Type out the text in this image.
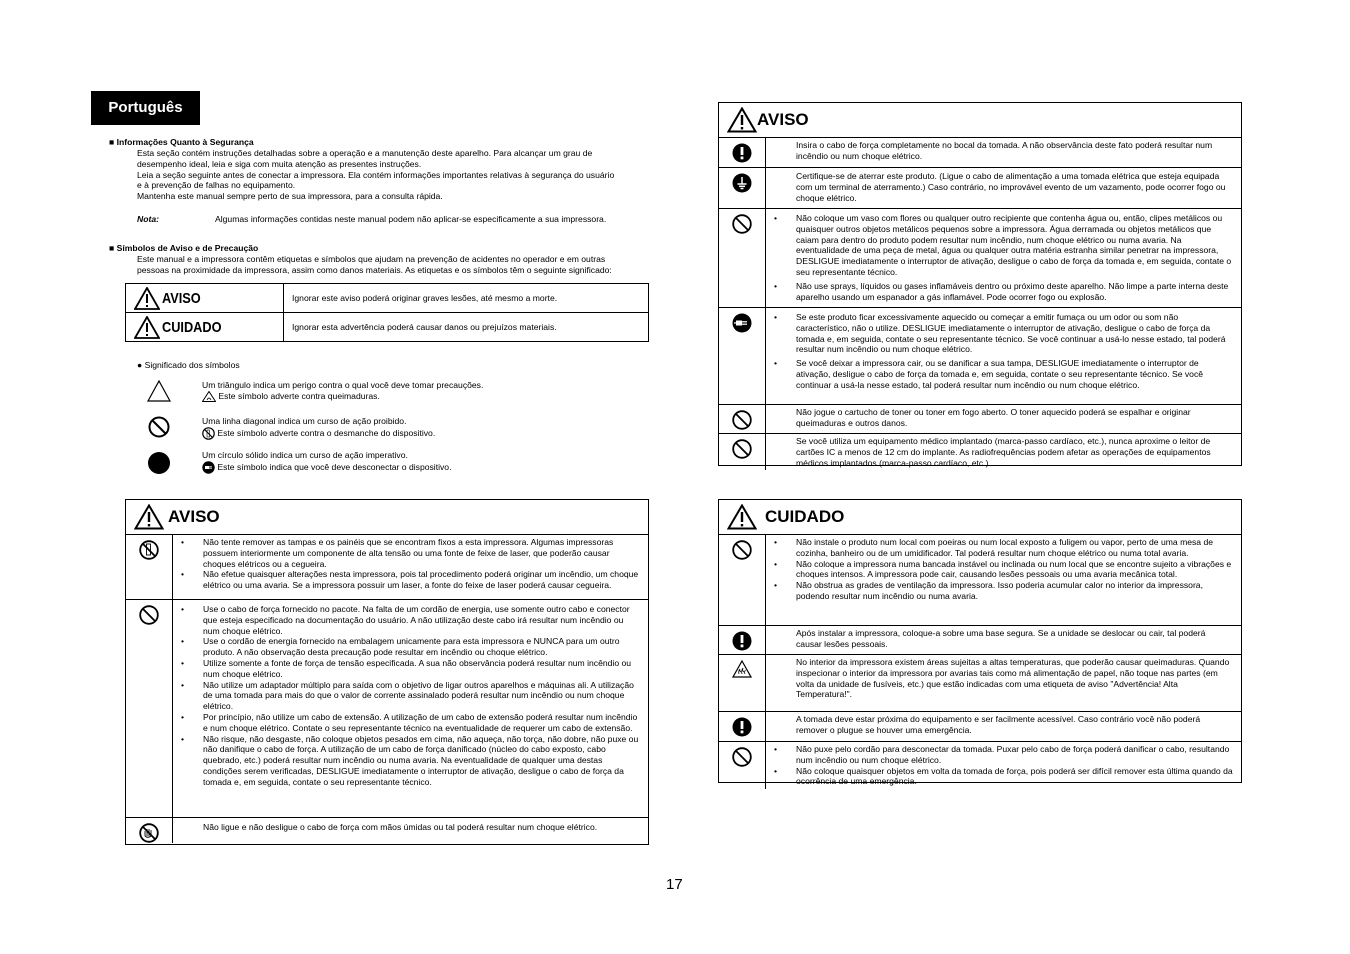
Português
■ Informações Quanto à Segurança
Esta seção contém instruções detalhadas sobre a operação e a manutenção deste aparelho. Para alcançar um grau de
desempenho ideal, leia e siga com muita atenção as presentes instruções.
Leia a seção seguinte antes de conectar a impressora. Ela contém informações importantes relativas à segurança do usuário
e à prevenção de falhas no equipamento.
Mantenha este manual sempre perto de sua impressora, para a consulta rápida.
Nota:	Algumas informações contidas neste manual podem não aplicar-se especificamente a sua impressora.
■ Símbolos de Aviso e de Precaução
Este manual e a impressora contêm etiquetas e símbolos que ajudam na prevenção de acidentes no operador e em outras
pessoas na proximidade da impressora, assim como danos materiais. As etiquetas e os símbolos têm o seguinte significado:
AVISO	Ignorar este aviso poderá originar graves lesões, até mesmo a morte.
CUIDADO	Ignorar esta advertência poderá causar danos ou prejuízos materiais.
● Significado dos símbolos
Um triângulo indica um perigo contra o qual você deve tomar precauções.
Este símbolo adverte contra queimaduras.
Uma linha diagonal indica um curso de ação proibido.
Este símbolo adverte contra o desmanche do dispositivo.
Um círculo sólido indica um curso de ação imperativo.
Este símbolo indica que você deve desconectar o dispositivo.
AVISO
• Não tente remover as tampas e os painéis que se encontram fixos a esta impressora. Algumas impressoras possuem interiormente um componente de alta tensão ou uma fonte de feixe de laser, que poderão causar choques elétricos ou a cegueira.
• Não efetue quaisquer alterações nesta impressora, pois tal procedimento poderá originar um incêndio, um choque elétrico ou uma avaria. Se a impressora possuir um laser, a fonte do feixe de laser poderá causar cegueira.
• Use o cabo de força fornecido no pacote. Na falta de um cordão de energia, use somente outro cabo e conector que esteja especificado na documentação do usuário. A não utilização deste cabo irá resultar num incêndio ou num choque elétrico.
• Use o cordão de energia fornecido na embalagem unicamente para esta impressora e NUNCA para um outro produto. A não observação desta precaução pode resultar em incêndio ou choque elétrico.
• Utilize somente a fonte de força de tensão especificada. A sua não observância poderá resultar num incêndio ou num choque elétrico.
• Não utilize um adaptador múltiplo para saída com o objetivo de ligar outros aparelhos e máquinas ali. A utilização de uma tomada para mais do que o valor de corrente assinalado poderá resultar num incêndio ou num choque elétrico.
• Por princípio, não utilize um cabo de extensão. A utilização de um cabo de extensão poderá resultar num incêndio e num choque elétrico. Contate o seu representante técnico na eventualidade de requerer um cabo de extensão.
• Não risque, não desgaste, não coloque objetos pesados em cima, não aqueça, não torça, não dobre, não puxe ou não danifique o cabo de força. A utilização de um cabo de força danificado (núcleo do cabo exposto, cabo quebrado, etc.) poderá resultar num incêndio ou numa avaria. Na eventualidade de qualquer uma destas condições serem verificadas, DESLIGUE imediatamente o interruptor de ativação, desligue o cabo de força da tomada e, em seguida, contate o seu representante técnico.
Não ligue e não desligue o cabo de força com mãos úmidas ou tal poderá resultar num choque elétrico.
AVISO
Insira o cabo de força completamente no bocal da tomada. A não observância deste fato poderá resultar num incêndio ou num choque elétrico.
Certifique-se de aterrar este produto. (Ligue o cabo de alimentação a uma tomada elétrica que esteja equipada com um terminal de aterramento.) Caso contrário, no improvável evento de um vazamento, pode ocorrer fogo ou choque elétrico.
• Não coloque um vaso com flores ou qualquer outro recipiente que contenha água ou, então, clipes metálicos ou quaisquer outros objetos metálicos pequenos sobre a impressora. Água derramada ou objetos metálicos que caiam para dentro do produto podem resultar num incêndio, num choque elétrico ou numa avaria. Na eventualidade de uma peça de metal, água ou qualquer outra matéria estranha similar penetrar na impressora, DESLIGUE imediatamente o interruptor de ativação, desligue o cabo de força da tomada e, em seguida, contate o seu representante técnico.
• Não use sprays, líquidos ou gases inflamáveis dentro ou próximo deste aparelho. Não limpe a parte interna deste aparelho usando um espanador a gás inflamável. Pode ocorrer fogo ou explosão.
• Se este produto ficar excessivamente aquecido ou começar a emitir fumaça ou um odor ou som não característico, não o utilize. DESLIGUE imediatamente o interruptor de ativação, desligue o cabo de força da tomada e, em seguida, contate o seu representante técnico. Se você continuar a usá-lo nesse estado, tal poderá resultar num incêndio ou num choque elétrico.
• Se você deixar a impressora cair, ou se danificar a sua tampa, DESLIGUE imediatamente o interruptor de ativação, desligue o cabo de força da tomada e, em seguida, contate o seu representante técnico. Se você continuar a usá-la nesse estado, tal poderá resultar num incêndio ou num choque elétrico.
Não jogue o cartucho de toner ou toner em fogo aberto. O toner aquecido poderá se espalhar e originar queimaduras e outros danos.
Se você utiliza um equipamento médico implantado (marca-passo cardíaco, etc.), nunca aproxime o leitor de cartões IC a menos de 12 cm do implante. As radiofrequências podem afetar as operações de equipamentos médicos implantados (marca-passo cardíaco, etc.).
CUIDADO
• Não instale o produto num local com poeiras ou num local exposto a fuligem ou vapor, perto de uma mesa de cozinha, banheiro ou de um umidificador. Tal poderá resultar num choque elétrico ou numa total avaria.
• Não coloque a impressora numa bancada instável ou inclinada ou num local que se encontre sujeito a vibrações e choques intensos. A impressora pode cair, causando lesões pessoais ou uma avaria mecânica total.
• Não obstrua as grades de ventilação da impressora. Isso poderia acumular calor no interior da impressora, podendo resultar num incêndio ou numa avaria.
Após instalar a impressora, coloque-a sobre uma base segura. Se a unidade se deslocar ou cair, tal poderá causar lesões pessoais.
No interior da impressora existem áreas sujeitas a altas temperaturas, que poderão causar queimaduras. Quando inspecionar o interior da impressora por avarias tais como má alimentação de papel, não toque nas partes (em volta da unidade de fusíveis, etc.) que estão indicadas com uma etiqueta de aviso "Advertência! Alta Temperatura!".
A tomada deve estar próxima do equipamento e ser facilmente acessível. Caso contrário você não poderá remover o plugue se houver uma emergência.
• Não puxe pelo cordão para desconectar da tomada. Puxar pelo cabo de força poderá danificar o cabo, resultando num incêndio ou num choque elétrico.
• Não coloque quaisquer objetos em volta da tomada de força, pois poderá ser difícil remover esta última quando da ocorrência de uma emergência.
17
